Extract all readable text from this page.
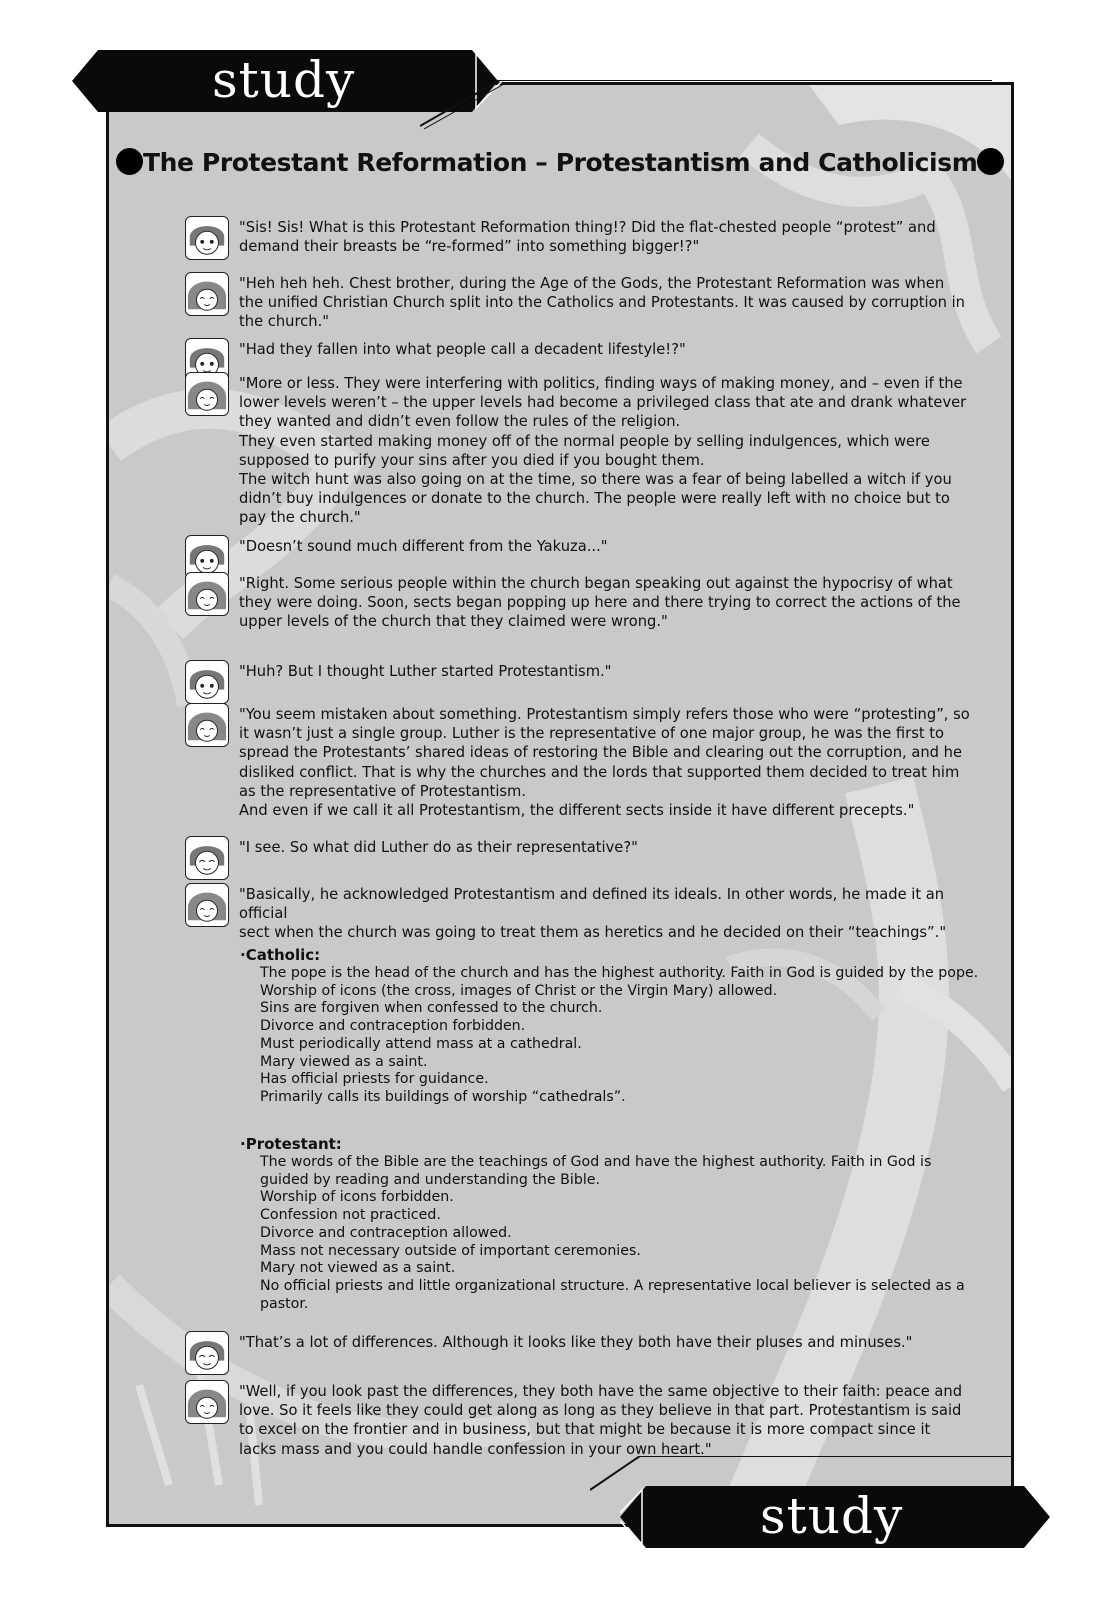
study
The Protestant Reformation – Protestantism and Catholicism
"Sis! Sis! What is this Protestant Reformation thing!? Did the flat-chested people “protest” and
demand their breasts be “re-formed” into something bigger!?"
"Heh heh heh. Chest brother, during the Age of the Gods, the Protestant Reformation was when
the unified Christian Church split into the Catholics and Protestants. It was caused by corruption in
the church."
"Had they fallen into what people call a decadent lifestyle!?"
"More or less. They were interfering with politics, finding ways of making money, and – even if the
lower levels weren’t – the upper levels had become a privileged class that ate and drank whatever
they wanted and didn’t even follow the rules of the religion.
They even started making money off of the normal people by selling indulgences, which were
supposed to purify your sins after you died if you bought them.
The witch hunt was also going on at the time, so there was a fear of being labelled a witch if you
didn’t buy indulgences or donate to the church. The people were really left with no choice but to
pay the church."
"Doesn’t sound much different from the Yakuza..."
"Right. Some serious people within the church began speaking out against the hypocrisy of what
they were doing. Soon, sects began popping up here and there trying to correct the actions of the
upper levels of the church that they claimed were wrong."
"Huh? But I thought Luther started Protestantism."
"You seem mistaken about something. Protestantism simply refers those who were “protesting”, so
it wasn’t just a single group. Luther is the representative of one major group, he was the first to
spread the Protestants’ shared ideas of restoring the Bible and clearing out the corruption, and he
disliked conflict. That is why the churches and the lords that supported them decided to treat him
as the representative of Protestantism.
And even if we call it all Protestantism, the different sects inside it have different precepts."
"I see. So what did Luther do as their representative?"
"Basically, he acknowledged Protestantism and defined its ideals. In other words, he made it an official
sect when the church was going to treat them as heretics and he decided on their “teachings”."
·Catholic:
The pope is the head of the church and has the highest authority. Faith in God is guided by the pope.
Worship of icons (the cross, images of Christ or the Virgin Mary) allowed.
Sins are forgiven when confessed to the church.
Divorce and contraception forbidden.
Must periodically attend mass at a cathedral.
Mary viewed as a saint.
Has official priests for guidance.
Primarily calls its buildings of worship “cathedrals”.
·Protestant:
The words of the Bible are the teachings of God and have the highest authority. Faith in God is
guided by reading and understanding the Bible.
Worship of icons forbidden.
Confession not practiced.
Divorce and contraception allowed.
Mass not necessary outside of important ceremonies.
Mary not viewed as a saint.
No official priests and little organizational structure. A representative local believer is selected as a
pastor.
"That’s a lot of differences. Although it looks like they both have their pluses and minuses."
"Well, if you look past the differences, they both have the same objective to their faith: peace and
love. So it feels like they could get along as long as they believe in that part. Protestantism is said
to excel on the frontier and in business, but that might be because it is more compact since it
lacks mass and you could handle confession in your own heart."
study
